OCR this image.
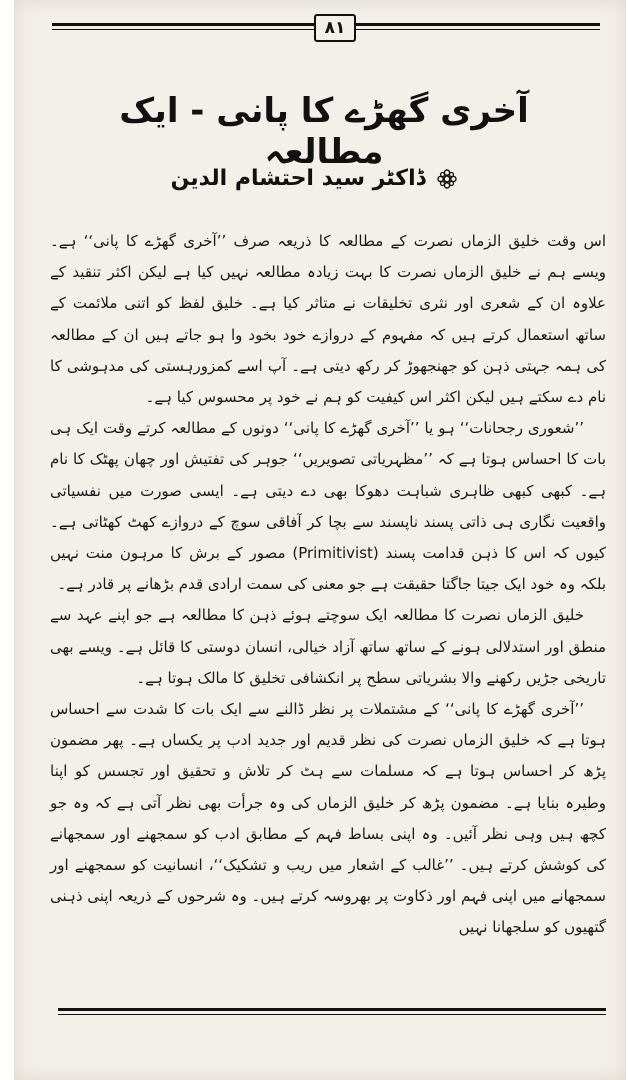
٨١
آخری گھڑے کا پانی - ایک مطالعہ
ڈاکٹر سید احتشام الدین

اس وقت خلیق الزماں نصرت کے مطالعہ کا ذریعہ صرف ’’آخری گھڑے کا پانی‘‘ ہے۔ ویسے ہم نے خلیق الزماں نصرت کا بہت زیادہ مطالعہ نہیں کیا ہے لیکن اکثر تنقید کے علاوہ ان کے شعری اور نثری تخلیقات نے متاثر کیا ہے۔ خلیق لفظ کو اتنی ملائمت کے ساتھ استعمال کرتے ہیں کہ مفہوم کے دروازے خود بخود وا ہو جاتے ہیں ان کے مطالعہ کی ہمہ جہتی ذہن کو جھنجھوڑ کر رکھ دیتی ہے۔ آپ اسے کمزورہستی کی مدہوشی کا نام دے سکتے ہیں لیکن اکثر اس کیفیت کو ہم نے خود پر محسوس کیا ہے۔

’’شعوری رجحانات‘‘ ہو یا ’’آخری گھڑے کا پانی‘‘ دونوں کے مطالعہ کرتے وقت ایک ہی بات کا احساس ہوتا ہے کہ ’’مظہریاتی تصویریں‘‘ جوہر کی تفتیش اور چھان پھٹک کا نام ہے۔ کبھی کبھی ظاہری شباہت دھوکا بھی دے دیتی ہے۔ ایسی صورت میں نفسیاتی واقعیت نگاری ہی ذاتی پسند ناپسند سے بچا کر آفاقی سوچ کے دروازے کھٹ کھٹاتی ہے۔ کیوں کہ اس کا ذہن قدامت پسند (Primitivist) مصور کے برش کا مرہون منت نہیں بلکہ وہ خود ایک جیتا جاگتا حقیقت ہے جو معنی کی سمت ارادی قدم بڑھانے پر قادر ہے۔

خلیق الزماں نصرت کا مطالعہ ایک سوچتے ہوئے ذہن کا مطالعہ ہے جو اپنے عہد سے منطق اور استدلالی ہونے کے ساتھ ساتھ آزاد خیالی، انسان دوستی کا قائل ہے۔ ویسے بھی تاریخی جڑیں رکھنے والا بشریاتی سطح پر انکشافی تخلیق کا مالک ہوتا ہے۔

’’آخری گھڑے کا پانی‘‘ کے مشتملات پر نظر ڈالنے سے ایک بات کا شدت سے احساس ہوتا ہے کہ خلیق الزماں نصرت کی نظر قدیم اور جدید ادب پر یکساں ہے۔ پھر مضمون پڑھ کر احساس ہوتا ہے کہ مسلمات سے ہٹ کر تلاش و تحقیق اور تجسس کو اپنا وطیرہ بنایا ہے۔ مضمون پڑھ کر خلیق الزماں کی وہ جرأت بھی نظر آتی ہے کہ وہ جو کچھ ہیں وہی نظر آئیں۔ وہ اپنی بساط فہم کے مطابق ادب کو سمجھنے اور سمجھانے کی کوشش کرتے ہیں۔ ’’غالب کے اشعار میں ریب و تشکیک‘‘، انسانیت کو سمجھنے اور سمجھانے میں اپنی فہم اور ذکاوت پر بھروسہ کرتے ہیں۔ وہ شرحوں کے ذریعہ اپنی ذہنی گتھیوں کو سلجھانا نہیں
